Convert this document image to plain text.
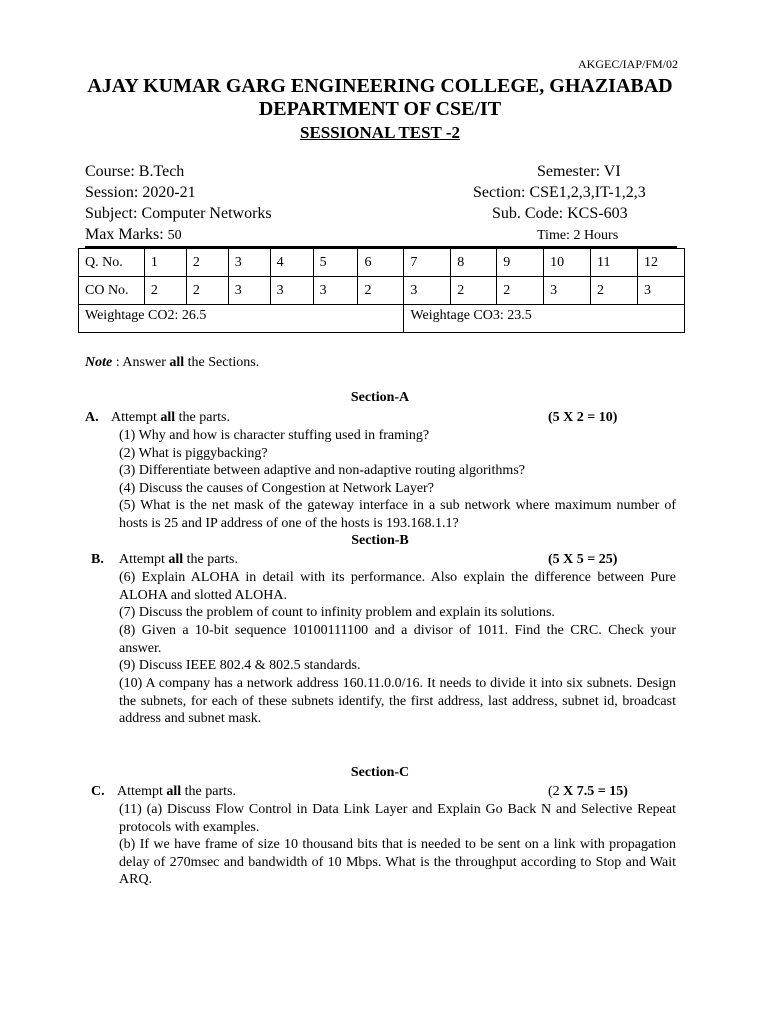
AKGEC/IAP/FM/02
AJAY KUMAR GARG ENGINEERING COLLEGE, GHAZIABAD
DEPARTMENT OF CSE/IT
SESSIONAL TEST -2
Course: B.Tech	Semester: VI
Session: 2020-21	Section: CSE1,2,3,IT-1,2,3
Subject: Computer Networks	Sub. Code: KCS-603
Max Marks: 50	Time: 2 Hours
Q. No.	1	2	3	4	5	6	7	8	9	10	11	12
CO No.	2	2	3	3	3	2	3	2	2	3	2	3
Weightage CO2: 26.5							Weightage CO3: 23.5					
Note : Answer all the Sections.
Section-A
A. Attempt all the parts.	(5 X 2 = 10)
(1) Why and how is character stuffing used in framing?
(2) What is piggybacking?
(3) Differentiate between adaptive and non-adaptive routing algorithms?
(4) Discuss the causes of Congestion at Network Layer?
(5) What is the net mask of the gateway interface in a sub network where maximum number of hosts is 25 and IP address of one of the hosts is 193.168.1.1?
Section-B
B. Attempt all the parts.	(5 X 5 = 25)
(6) Explain ALOHA in detail with its performance. Also explain the difference between Pure ALOHA and slotted ALOHA.
(7) Discuss the problem of count to infinity problem and explain its solutions.
(8) Given a 10-bit sequence 10100111100 and a divisor of 1011. Find the CRC. Check your answer.
(9) Discuss IEEE 802.4 & 802.5 standards.
(10) A company has a network address 160.11.0.0/16. It needs to divide it into six subnets. Design the subnets, for each of these subnets identify, the first address, last address, subnet id, broadcast address and subnet mask.
Section-C
C. Attempt all the parts.	(2 X 7.5 = 15)
(11) (a) Discuss Flow Control in Data Link Layer and Explain Go Back N and Selective Repeat protocols with examples.
(b) If we have frame of size 10 thousand bits that is needed to be sent on a link with propagation delay of 270msec and bandwidth of 10 Mbps. What is the throughput according to Stop and Wait ARQ.
